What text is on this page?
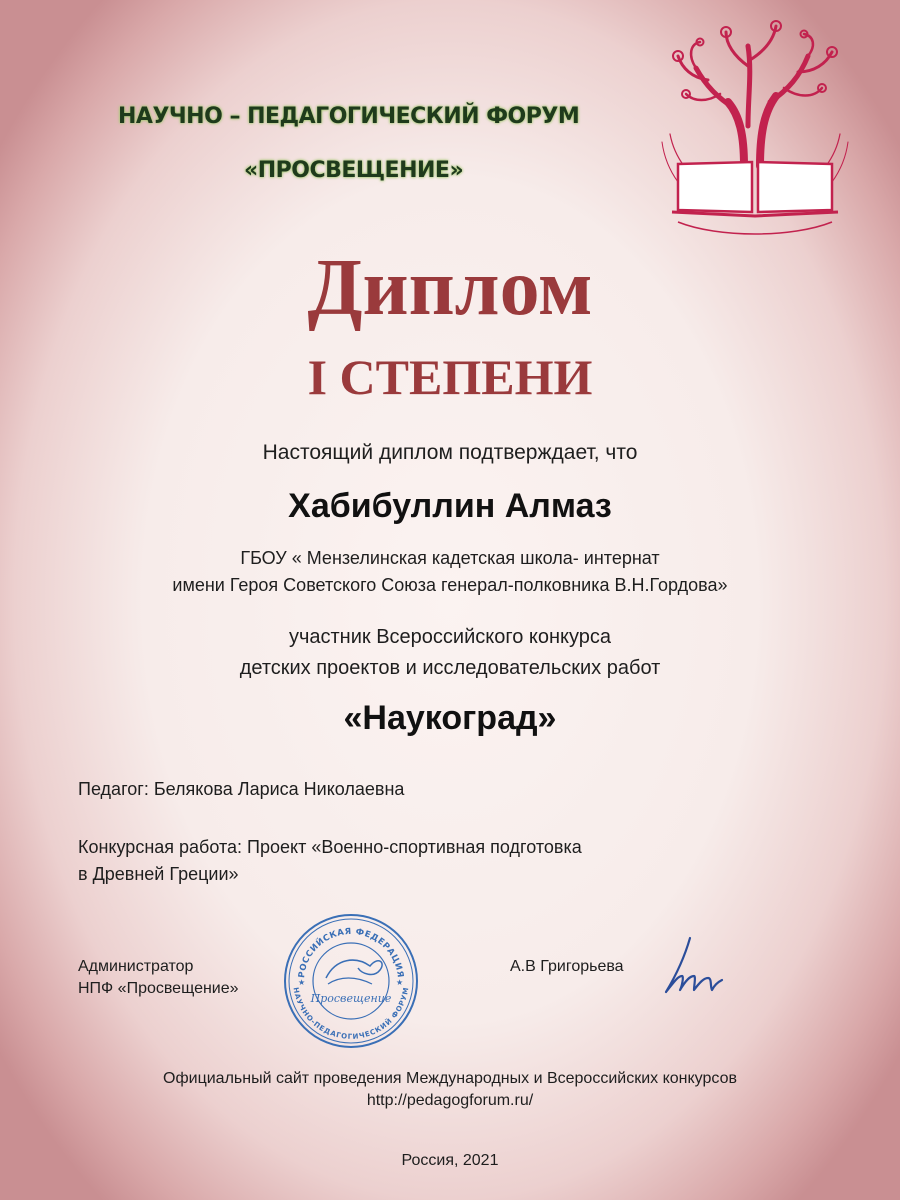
НАУЧНО – ПЕДАГОГИЧЕСКИЙ ФОРУМ
«ПРОСВЕЩЕНИЕ»
Диплом
I СТЕПЕНИ
Настоящий диплом подтверждает, что
Хабибуллин Алмаз
ГБОУ « Мензелинская кадетская школа- интернат
имени Героя Советского Союза генерал-полковника В.Н.Гордова»
участник Всероссийского конкурса
детских проектов и исследовательских работ
«Наукоград»
Педагог: Белякова Лариса Николаевна
Конкурсная работа: Проект «Военно-спортивная подготовка
в Древней Греции»
Администратор
НПФ «Просвещение»
РОССИЙСКАЯ ФЕДЕРАЦИЯ
НАУЧНО-ПЕДАГОГИЧЕСКИЙ ФОРУМ
Просвещение
★	★
А.В Григорьева
Официальный сайт проведения Международных и Всероссийских конкурсов
http://pedagogforum.ru/
Россия, 2021
